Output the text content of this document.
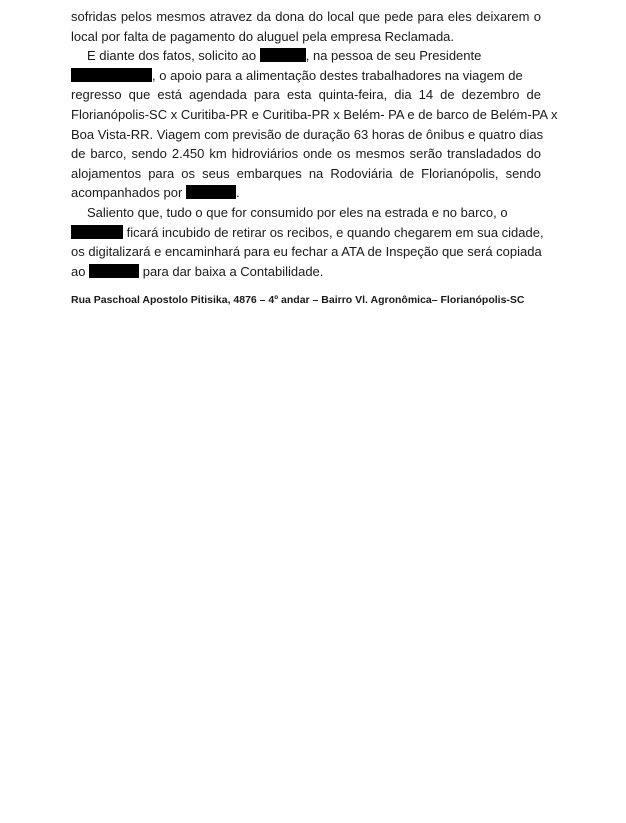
sofridas pelos mesmos atravez da dona do local que pede para eles deixarem o
local por falta de pagamento do aluguel pela empresa Reclamada.
E diante dos fatos, solicito ao	, na pessoa de seu Presidente
, o apoio para a alimentação destes trabalhadores na viagem de
regresso que está agendada para esta quinta-feira, dia 14 de dezembro de
Florianópolis-SC x Curitiba-PR e Curitiba-PR x Belém- PA e de barco de Belém-PA x
Boa Vista-RR. Viagem com previsão de duração 63 horas de ônibus e quatro dias
de barco, sendo 2.450 km hidroviários onde os mesmos serão transladados do
alojamentos para os seus embarques na Rodoviária de Florianópolis, sendo
acompanhados por	.
Saliento que, tudo o que for consumido por eles na estrada e no barco, o
ficará incubido de retirar os recibos, e quando chegarem em sua cidade,
os digitalizará e encaminhará para eu fechar a ATA de Inspeção que será copiada
ao	para dar baixa a Contabilidade.
Rua Paschoal Apostolo Pitisika, 4876 – 4º andar – Bairro Vl. Agronômica– Florianópolis-SC
